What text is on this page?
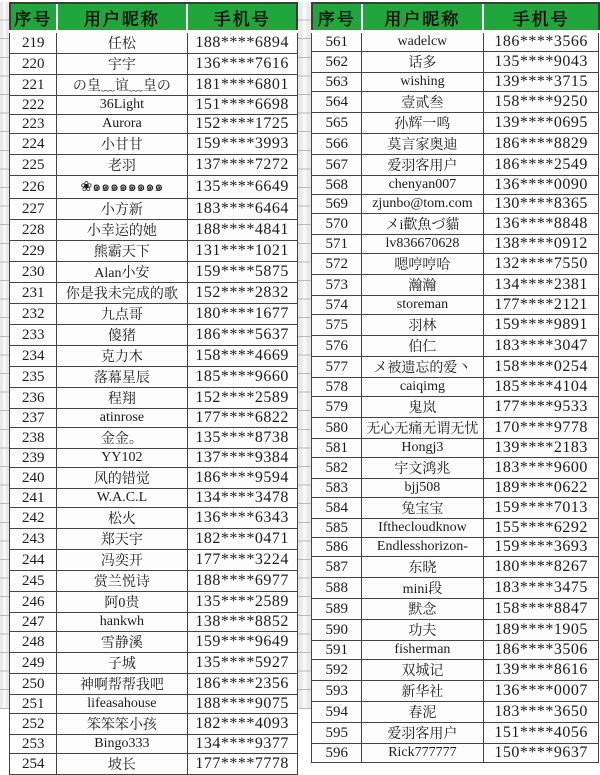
序号	用户昵称	手机号
219	任松	188****6894
220	宇宇	136****7616
221	の皇﹏谊﹏皇の	181****6801
222	36Light	151****6698
223	Aurora	152****1725
224	小甘甘	159****3993
225	老羽	137****7272
226	❀๑๑๑๑๑๑๑๑	135****6649
227	小方新	183****6464
228	小幸运的她	188****4841
229	熊霸天下	131****1021
230	Alan小安	159****5875
231	你是我未完成的歌	152****2832
232	九点哥	180****1677
233	傻猪	186****5637
234	克力木	158****4669
235	落幕星辰	185****9660
236	程翔	152****2589
237	atinrose	177****6822
238	金金。	135****8738
239	YY102	137****9384
240	风的错觉	186****9594
241	W.A.C.L	134****3478
242	松火	136****6343
243	郑天宇	182****0471
244	冯奕开	177****3224
245	赏兰悦诗	188****6977
246	阿0贵	135****2589
247	hankwh	138****8852
248	雪静溪	159****9649
249	子城	135****5927
250	神啊帮帮我吧	186****2356
251	lifeasahouse	188****9075
252	笨笨笨小孩	182****4093
253	Bingo333	134****9377
254	坡长	177****7778
序号	用户昵称	手机号
561	wadelcw	186****3566
562	话多	135****9043
563	wishing	139****3715
564	壹贰叁	158****9250
565	孙辉一鸣	139****0695
566	莫言家奥迪	186****8829
567	爱羽客用户	186****2549
568	chenyan007	136****0090
569	zjunbo@tom.com	130****8365
570	メi歡魚づ貓	136****8848
571	lv836670628	138****0912
572	嗯哼哼哈	132****7550
573	瀚瀚	134****2381
574	storeman	177****2121
575	羽林	159****9891
576	伯仁	183****3047
577	メ被遗忘的爱丶	158****0254
578	caiqimg	185****4104
579	鬼岚	177****9533
580	无心无痛无谓无忧	170****9778
581	Hongj3	139****2183
582	宇文鸿兆	183****9600
583	bjj508	189****0622
584	兔宝宝	159****7013
585	Ifthecloudknow	155****6292
586	Endlesshorizon-	159****3693
587	东晓	180****8267
588	mini段	183****3475
589	默念	158****8847
590	功夫	189****1905
591	fisherman	186****3506
592	双城记	139****8616
593	新华社	136****0007
594	春泥	183****3650
595	爱羽客用户	151****4056
596	Rick777777	150****9637
